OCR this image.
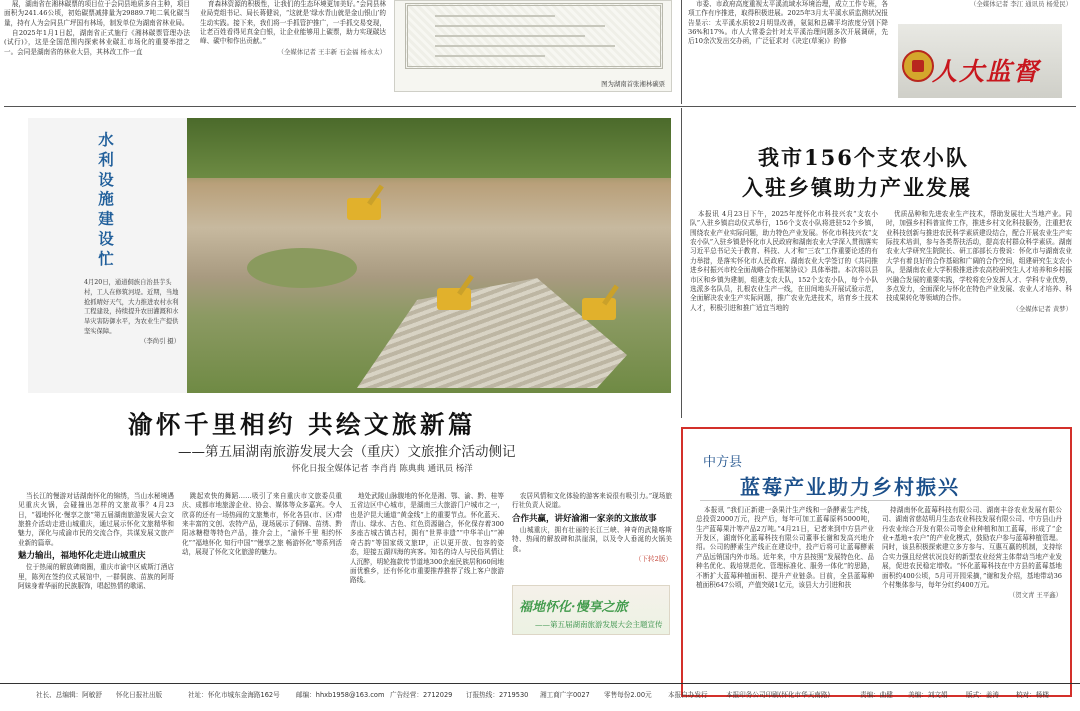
展，湖南省在湘林碳票的项目位于会同县地质多自主种，项目面积为241.46公顷，初始碳票减排量为29889.7吨二氧化碳当量，持有人为会同县广坪国有林场，制发单位为湖南省林业局。

自2025年1月1日起，湖南省正式施行《湘林碳票管理办法(试行)》，这是全国范围内探索林业碳汇市场化的重要举措之一。会同是湖南省的林业大县，其林改工作一直

育森林资源的积极性，让我们的生态环境更加美好。”会同县林业局党组书记、局长蒋健说，“这就是‘绿水青山就是金山银山’的生动实践。接下来，我们将一手抓管护推广，一手抓交易变现，让老百姓看得见真金白银，让企业能够用上碳票，助力实现碳达峰、碳中和作出贡献。”

（全媒体记者 王丰新 石金福 杨永太）

图为湖南首张湘林碳票

市委、市政府高度重视太平溪流域水环境治理，成立工作专班，各项工作有序推进，取得积极进展。2025年3月太平溪水质监测状况报告显示：太平溪水质较2月明显改善，氨氮和总磷平均浓度分别下降36%和17%。市人大常委会针对太平溪治理问题多次开展调研，先后10余次发出交办函，广泛征求对《决定(草案)》的修

（全媒体记者 李江 通讯员 杨爱民）

人大监督
水利设施建设忙
4月20日，通道侗族自治县芋头村，工人在修筑河堤。近期，当地抢抓晴好天气，大力推进农村水利工程建设，持续提升农田灌溉和水旱灾害防御水平，为农业生产提供坚实保障。
（李尚引 摄）
我市156个支农小队
入驻乡镇助力产业发展

本报讯 4月23日下午，2025年度怀化市科技兴农“支农小队”入驻乡镇启动仪式举行，156个支农小队将进驻52个乡镇，围绕农业产业实际问题，助力特色产业发展。怀化市科技兴农“支农小队”入驻乡镇是怀化市人民政府和湖南农业大学深入贯彻落实习近平总书记关于教育、科技、人才和“三农”工作重要论述的有力举措，是落实怀化市人民政府、湖南农业大学签订的《共同推进乡村振兴市校全面战略合作框架协议》具体举措。本次将以县市区和乡镇为建制，组建支农大队，152个支农小队，每个小队选派多名队员，扎根农业生产一线，在田间地头开展试验示范，全面解决农业生产实际问题，推广农业先进技术，培育乡土技术人才，积极引进和推广适宜当地的

优质品种和先进农业生产技术，帮助发展壮大当地产业。同时，加强乡村科普宣传工作，推进乡村文化科技服务，注重把农业科技创新与推进农民科学素质建设结合，配合开展农业生产实际技术培训，参与各类帮扶活动，提高农村群众科学素质。湖南农业大学研究生院院长、研工部部长方俊说：怀化市与湖南农业大学有着良好的合作基础和广阔的合作空间，组建研究生支农小队，是湖南农业大学积极推进涉农高校研究生人才培养和乡村振兴融合发展的重要实践，学校将充分发挥人才、学科专业优势，多点发力，全面深化与怀化在特色产业发展、农业人才培养、科技成果转化等领域的合作。

（全媒体记者 黄梦）

渝怀千里相约 共绘文旅新篇
——第五届湖南旅游发展大会（重庆）文旅推介活动侧记
怀化日报全媒体记者 李肖肖 陈典典 通讯员 杨洋

当长江的慢游对话湖南怀化的锦绣，当山水秘境遇见重庆火锅，会碰撞出怎样的文旅故事？4月23日，“福地怀化·慢享之旅”第五届湖南旅游发展大会文旅推介活动走进山城重庆，通过展示怀化文旅精华和魅力，深化与成渝市民的交流合作，共谋发展文旅产业新的篇章。

魅力输出，福地怀化走进山城重庆

位于热闹的解放碑商圈，重庆市渝中区威斯汀酒店里，陈列在签约仪式展馆中，一群侗族、苗族的阿哥阿妹身着华丽的民族服饰，唱起热情的歌谣、

跳起欢快的舞蹈……吸引了来自重庆市文旅委员重庆、成都市地旅游企业、协会、媒体等众多嘉宾。令人欣喜的还有一场热闹的文旅集市，怀化各县(市、区)带来丰富的文创、农特产品，现场展示了侗锦、苗绣、黔阳冰糖橙等特色产品，推介会上，“渝怀千里 相约怀化”“福地怀化 知行中国”“慢享之旅 畅游怀化”等系列活动，展现了怀化文化旅游的魅力。

地处武陵山脉腹地的怀化是湘、鄂、渝、黔、桂等五省边区中心城市，是湖南三大旅游门户城市之一，也是沪昆大通道“黄金线”上的重要节点。怀化蓝天、青山、绿水、古色、红色资源融合，怀化保存着300多座古城古镇古村，拥有“世界非遗”“中华羊山”“神奇古韵”等国家级文旅IP，正以更开放、包容的姿态，迎接五湖四海的宾客。知名的诗人与民俗风情让人沉醉，明轮拖款传节道地300余座民族居和60间地面优雅乡，还有怀化市重要推荐推荐了线上客户旅游路线。

农居风情和文化体验的游客来说很有吸引力。”现场旅行社负责人说道。

合作共赢，讲好渝湘一家亲的文旅故事

山城重庆，拥有壮丽的长江三峡、神奇的武隆喀斯特、热闹的解放碑和洪崖洞，以及令人垂涎的火锅美食。

（下转2版）

福地怀化·慢享之旅
——第五届湖南旅游发展大会主题宣传
中方县
蓝莓产业助力乡村振兴

本报讯 “我们正新建一条果汁生产线和一条酵素生产线，总投资2000万元，投产后，每年可加工蓝莓原料5000吨，生产蓝莓果汁等产品2万吨。”4月21日，记者来到中方县产业开发区，湖南怀化蓝莓科技有限公司董事长谢和发高兴地介绍。公司的酵素生产线正在建设中，投产后将可让蓝莓酵素产品远销国内外市场。近年来，中方县按照“发展特色化、品种名优化、栽培规范化、管理标准化、服务一体化”的思路，不断扩大蓝莓种植面积、提升产业链条。目前，全县蓝莓种植面积647公顷，产值突破1亿元，该县大力引进和扶

持湖南怀化蓝莓科技有限公司、湖南丰谷农业发展有限公司、湖南省慈姑明月生态农业科技发展有限公司、中方县山丹丹农业综合开发有限公司等企业种植和加工蓝莓，形成了“企业+基地+农户”的产业化模式，鼓励农户参与蓝莓种植管理。同时，该县积极探索建立多方参与、互惠互赢的机制，支持综合实力强且经营状况良好的新型农业经营主体带动当地产业发展，促进农民稳定增收。“怀化蓝莓科技在中方县的蓝莓基地面积约400公顷，5月可开园采摘，”谢和发介绍，基地带动36个村集体参与，每年分红约400万元。

（贺文青 王平鑫）

社长、总编辑：阿敏舒 怀化日报社出版	社址：怀化市城东金海路162号 邮编：hhxb1958@163.com 广告经营：2712029 订报热线：2719530 湘工商广字0027 零售每份2.00元 本报自办发行	本报印务公司印刷(怀化市华天南路)	责编：曲健 美编：刘文娟	版式：姜涛	校对：杨楼
